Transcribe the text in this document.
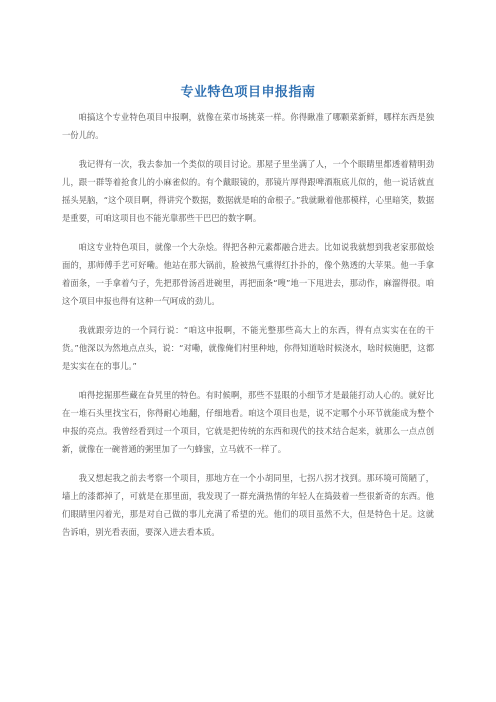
专业特色项目申报指南

咱搞这个专业特色项目申报啊，就像在菜市场挑菜一样。你得瞅准了哪颗菜新鲜，哪样东西是独一份儿的。

我记得有一次，我去参加一个类似的项目讨论。那屋子里坐满了人，一个个眼睛里都透着精明劲儿，跟一群等着抢食儿的小麻雀似的。有个戴眼镜的，那镜片厚得跟啤酒瓶底儿似的，他一说话就直摇头晃脑，“这个项目啊，得讲究个数据，数据就是咱的命根子。”我就瞅着他那模样，心里暗笑，数据是重要，可咱这项目也不能光靠那些干巴巴的数字啊。

咱这专业特色项目，就像一个大杂烩。得把各种元素都融合进去。比如说我就想到我老家那做烩面的，那师傅手艺可好嘞。他站在那大锅前，脸被热气熏得红扑扑的，像个熟透的大苹果。他一手拿着面条，一手拿着勺子，先把那骨汤舀进碗里，再把面条“嗖”地一下甩进去，那动作，麻溜得很。咱这个项目申报也得有这种一气呵成的劲儿。

我就跟旁边的一个同行说：“咱这申报啊，不能光整那些高大上的东西，得有点实实在在的干货。”他深以为然地点点头，说：“对嘞，就像俺们村里种地，你得知道啥时候浇水，啥时候施肥，这都是实实在在的事儿。”

咱得挖掘那些藏在旮旯里的特色。有时候啊，那些不显眼的小细节才是最能打动人心的。就好比在一堆石头里找宝石，你得耐心地翻，仔细地看。咱这个项目也是，说不定哪个小环节就能成为整个申报的亮点。我曾经看到过一个项目，它就是把传统的东西和现代的技术结合起来，就那么一点点创新，就像在一碗普通的粥里加了一勺蜂蜜，立马就不一样了。

我又想起我之前去考察一个项目，那地方在一个小胡同里，七拐八拐才找到。那环境可简陋了，墙上的漆都掉了，可就是在那里面，我发现了一群充满热情的年轻人在捣鼓着一些很新奇的东西。他们眼睛里闪着光，那是对自己做的事儿充满了希望的光。他们的项目虽然不大，但是特色十足。这就告诉咱，别光看表面，要深入进去看本质。
